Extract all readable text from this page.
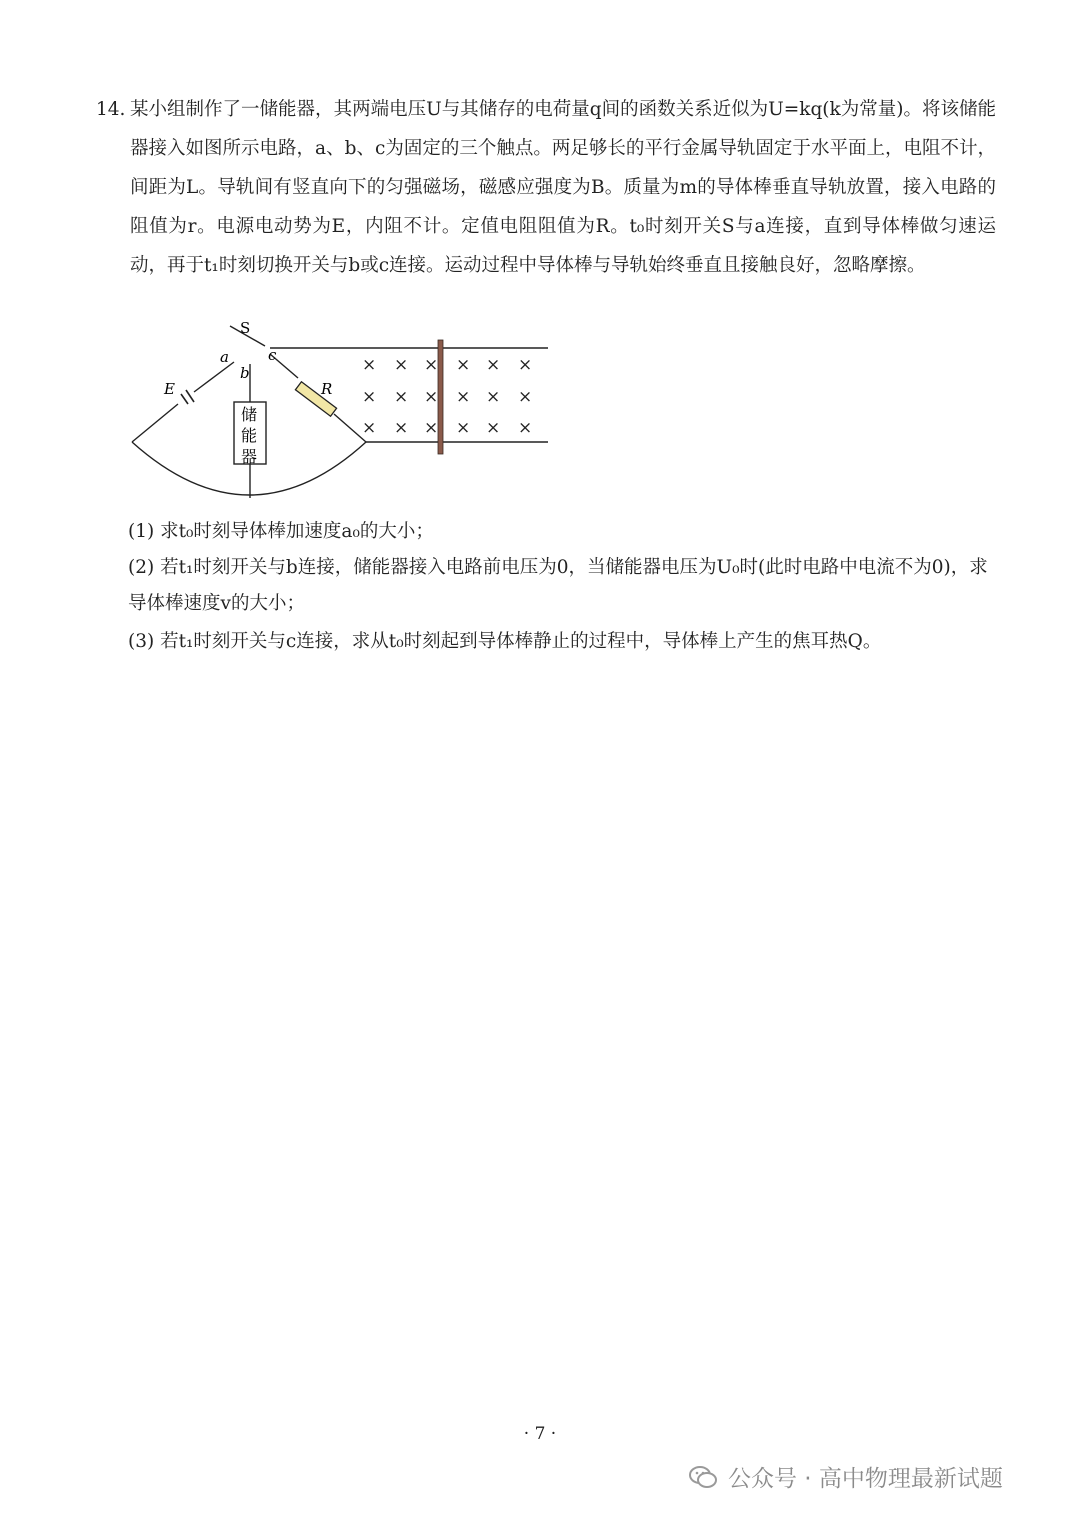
14. 某小组制作了一储能器，其两端电压U与其储存的电荷量q间的函数关系近似为U=kq(k为常量)。将该储能器接入如图所示电路，a、b、c为固定的三个触点。两足够长的平行金属导轨固定于水平面上，电阻不计，间距为L。导轨间有竖直向下的匀强磁场，磁感应强度为B。质量为m的导体棒垂直导轨放置，接入电路的阻值为r。电源电动势为E，内阻不计。定值电阻阻值为R。t₀时刻开关S与a连接，直到导体棒做匀速运动，再于t₁时刻切换开关与b或c连接。运动过程中导体棒与导轨始终垂直且接触良好，忽略摩擦。
S
a
b
c
E	R
储
能
器
× × × × × ×
× × × × × ×
× × × × × ×
(1) 求t₀时刻导体棒加速度a₀的大小；
(2) 若t₁时刻开关与b连接，储能器接入电路前电压为0，当储能器电压为U₀时(此时电路中电流不为0)，求导体棒速度v的大小；
(3) 若t₁时刻开关与c连接，求从t₀时刻起到导体棒静止的过程中，导体棒上产生的焦耳热Q。
· 7 ·
公众号 · 高中物理最新试题
